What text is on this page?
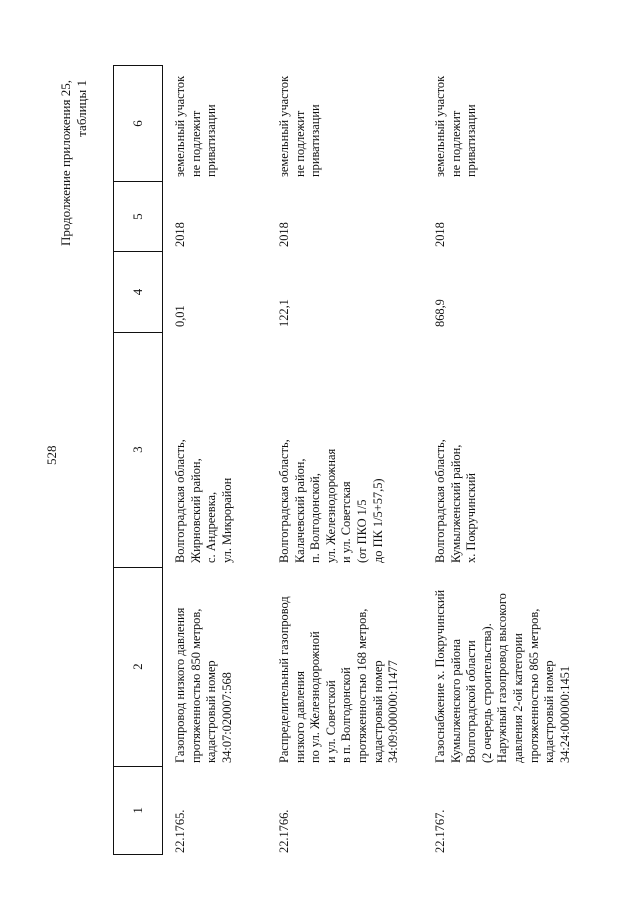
528
Продолжение приложения 25, таблицы 1
1
2
3
4
5
6
22.1765.
Газопровод низкого давления протяженностью 850 метров, кадастровый номер 34:07:020007:568
Волгоградская область, Жирновский район, с. Андреевка, ул. Микрорайон
0,01
2018
земельный участок не подлежит приватизации
22.1766.
Распределительный газопровод низкого давления по ул. Железнодорожной и ул. Советской в п. Волгодонской протяженностью 168 метров, кадастровый номер 34:09:000000:11477
Волгоградская область, Калачевский район, п. Волгодонской, ул. Железнодорожная и ул. Советская (от ПКО 1/5 до ПК 1/5+57,5)
122,1
2018
земельный участок не подлежит приватизации
22.1767.
Газоснабжение х. Покручинский Кумылженского района Волгоградской области (2 очередь строительства). Наружный газопровод высокого давления 2-ой категории протяженностью 865 метров, кадастровый номер 34:24:000000:1451
Волгоградская область, Кумылженский район, х. Покручинский
868,9
2018
земельный участок не подлежит приватизации
